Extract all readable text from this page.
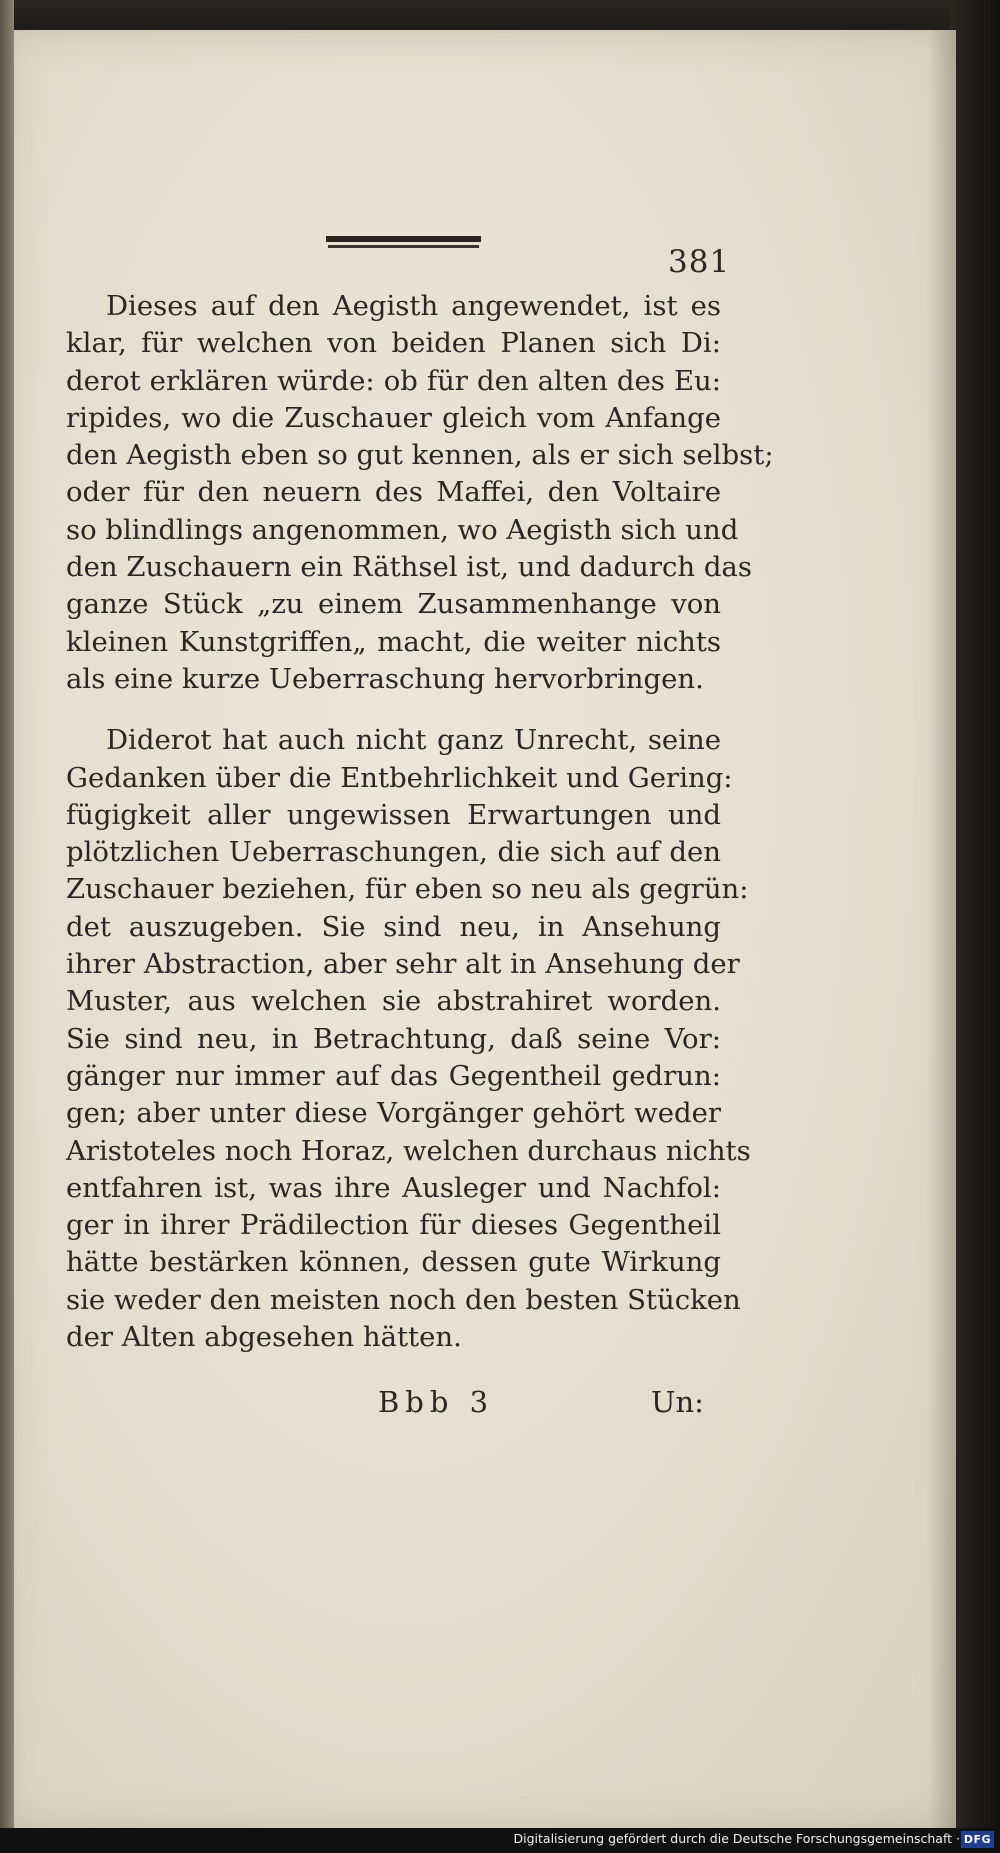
381
Dieses auf den Aegisth angewendet, ist es
klar, für welchen von beiden Planen sich Di:
derot erklären würde: ob für den alten des Eu:
ripides, wo die Zuschauer gleich vom Anfange
den Aegisth eben so gut kennen, als er sich selbst;
oder für den neuern des Maffei, den Voltaire
so blindlings angenommen, wo Aegisth sich und
den Zuschauern ein Räthsel ist, und dadurch das
ganze Stück „zu einem Zusammenhange von
kleinen Kunstgriffen„ macht, die weiter nichts
als eine kurze Ueberraschung hervorbringen.
Diderot hat auch nicht ganz Unrecht, seine
Gedanken über die Entbehrlichkeit und Gering:
fügigkeit aller ungewissen Erwartungen und
plötzlichen Ueberraschungen, die sich auf den
Zuschauer beziehen, für eben so neu als gegrün:
det auszugeben. Sie sind neu, in Ansehung
ihrer Abstraction, aber sehr alt in Ansehung der
Muster, aus welchen sie abstrahiret worden.
Sie sind neu, in Betrachtung, daß seine Vor:
gänger nur immer auf das Gegentheil gedrun:
gen; aber unter diese Vorgänger gehört weder
Aristoteles noch Horaz, welchen durchaus nichts
entfahren ist, was ihre Ausleger und Nachfol:
ger in ihrer Prädilection für dieses Gegentheil
hätte bestärken können, dessen gute Wirkung
sie weder den meisten noch den besten Stücken
der Alten abgesehen hätten.
Bbb 3	Un:
Digitalisierung gefördert durch die Deutsche Forschungsgemeinschaft · DFG
